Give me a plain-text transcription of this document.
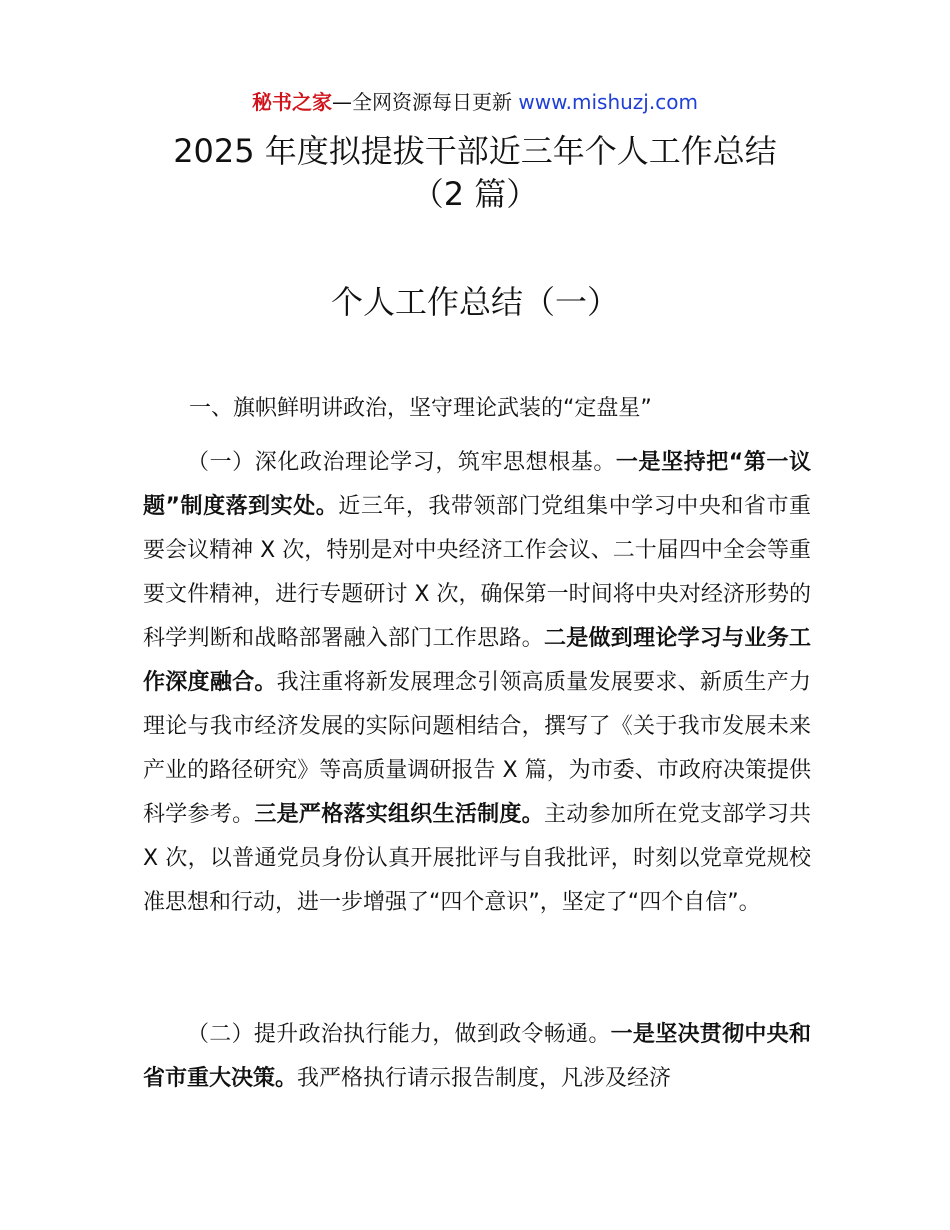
秘书之家—全网资源每日更新 www.mishuzj.com
2025 年度拟提拔干部近三年个人工作总结
（2 篇）
个人工作总结（一）
一、旗帜鲜明讲政治，坚守理论武装的“定盘星”

（一）深化政治理论学习，筑牢思想根基。一是坚持把“第一议题”制度落到实处。近三年，我带领部门党组集中学习中央和省市重要会议精神 X 次，特别是对中央经济工作会议、二十届四中全会等重要文件精神，进行专题研讨 X 次，确保第一时间将中央对经济形势的科学判断和战略部署融入部门工作思路。二是做到理论学习与业务工作深度融合。我注重将新发展理念引领高质量发展要求、新质生产力理论与我市经济发展的实际问题相结合，撰写了《关于我市发展未来产业的路径研究》等高质量调研报告 X 篇，为市委、市政府决策提供科学参考。三是严格落实组织生活制度。主动参加所在党支部学习共 X 次，以普通党员身份认真开展批评与自我批评，时刻以党章党规校准思想和行动，进一步增强了“四个意识”，坚定了“四个自信”。

（二）提升政治执行能力，做到政令畅通。一是坚决贯彻中央和省市重大决策。我严格执行请示报告制度，凡涉及经济
